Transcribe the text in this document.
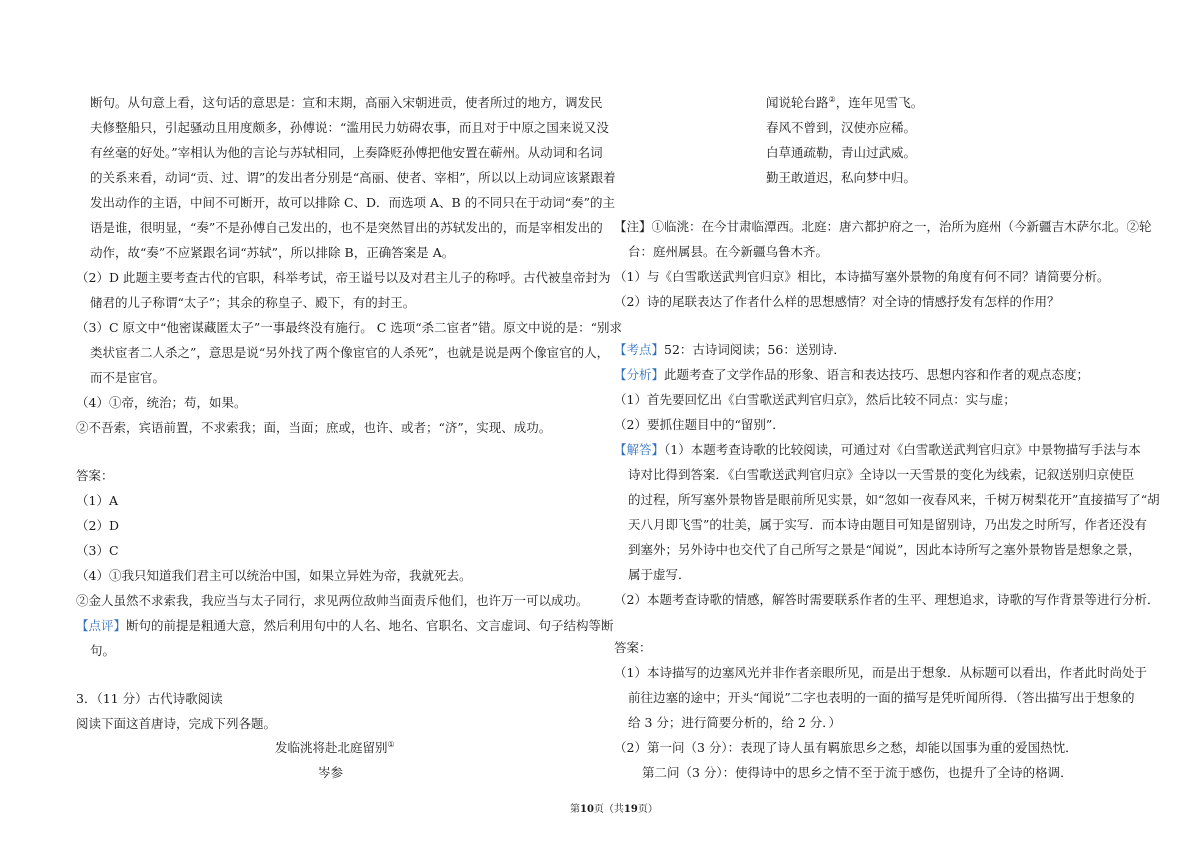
断句。从句意上看，这句话的意思是：宣和末期，高丽入宋朝进贡，使者所过的地方，调发民
夫修整船只，引起骚动且用度颇多，孙傅说：“滥用民力妨碍农事，而且对于中原之国来说又没
有丝毫的好处。”宰相认为他的言论与苏轼相同，上奏降贬孙傅把他安置在蕲州。从动词和名词
的关系来看，动词“贡、过、谓”的发出者分别是“高丽、使者、宰相”，所以以上动词应该紧跟着
发出动作的主语，中间不可断开，故可以排除 C、D．而选项 A、B 的不同只在于动词“奏”的主
语是谁，很明显，“奏”不是孙傅自己发出的，也不是突然冒出的苏轼发出的，而是宰相发出的
动作，故“奏”不应紧跟名词“苏轼”，所以排除 B，正确答案是 A。
（2）D 此题主要考查古代的官职，科举考试，帝王谥号以及对君主儿子的称呼。古代被皇帝封为
储君的儿子称谓“太子”；其余的称皇子、殿下，有的封王。
（3）C 原文中“他密谋藏匿太子”一事最终没有施行。 C 选项“杀二宦者”错。原文中说的是：“别求
类状宦者二人杀之”，意思是说“另外找了两个像宦官的人杀死”，也就是说是两个像宦官的人，
而不是宦官。
（4）①帝，统治；苟，如果。
②不吾索，宾语前置，不求索我；面，当面；庶或，也许、或者；“济”，实现、成功。
答案：
（1）A
（2）D
（3）C
（4）①我只知道我们君主可以统治中国，如果立异姓为帝，我就死去。
②金人虽然不求索我，我应当与太子同行，求见两位敌帅当面责斥他们，也许万一可以成功。
【点评】断句的前提是粗通大意，然后利用句中的人名、地名、官职名、文言虚词、句子结构等断
句。
3．（11 分）古代诗歌阅读
阅读下面这首唐诗，完成下列各题。
发临洮将赴北庭留别①
岑参
闻说轮台路②，连年见雪飞。
春风不曾到，汉使亦应稀。
白草通疏勒，青山过武威。
勤王敢道迟，私向梦中归。
【注】①临洮：在今甘肃临潭西。北庭：唐六都护府之一，治所为庭州（今新疆吉木萨尔北。②轮
台：庭州属县。在今新疆乌鲁木齐。
（1）与《白雪歌送武判官归京》相比，本诗描写塞外景物的角度有何不同？请简要分析。
（2）诗的尾联表达了作者什么样的思想感情？对全诗的情感抒发有怎样的作用？
【考点】52：古诗词阅读；56：送别诗．
【分析】此题考查了文学作品的形象、语言和表达技巧、思想内容和作者的观点态度；
（1）首先要回忆出《白雪歌送武判官归京》，然后比较不同点：实与虚；
（2）要抓住题目中的“留别”．
【解答】（1）本题考查诗歌的比较阅读，可通过对《白雪歌送武判官归京》中景物描写手法与本
诗对比得到答案．《白雪歌送武判官归京》全诗以一天雪景的变化为线索，记叙送别归京使臣
的过程，所写塞外景物皆是眼前所见实景，如“忽如一夜春风来，千树万树梨花开”直接描写了“胡
天八月即飞雪”的壮美，属于实写．而本诗由题目可知是留别诗，乃出发之时所写，作者还没有
到塞外；另外诗中也交代了自己所写之景是“闻说”，因此本诗所写之塞外景物皆是想象之景，
属于虚写．
（2）本题考查诗歌的情感，解答时需要联系作者的生平、理想追求，诗歌的写作背景等进行分析．
答案：
（1）本诗描写的边塞风光并非作者亲眼所见，而是出于想象．从标题可以看出，作者此时尚处于
前往边塞的途中；开头“闻说”二字也表明的一面的描写是凭听闻所得．（答出描写出于想象的
给 3 分；进行简要分析的，给 2 分．）
（2）第一问（3 分）：表现了诗人虽有羁旅思乡之愁，却能以国事为重的爱国热忱．
第二问（3 分）：使得诗中的思乡之情不至于流于感伤，也提升了全诗的格调．
第10页（共19页）
